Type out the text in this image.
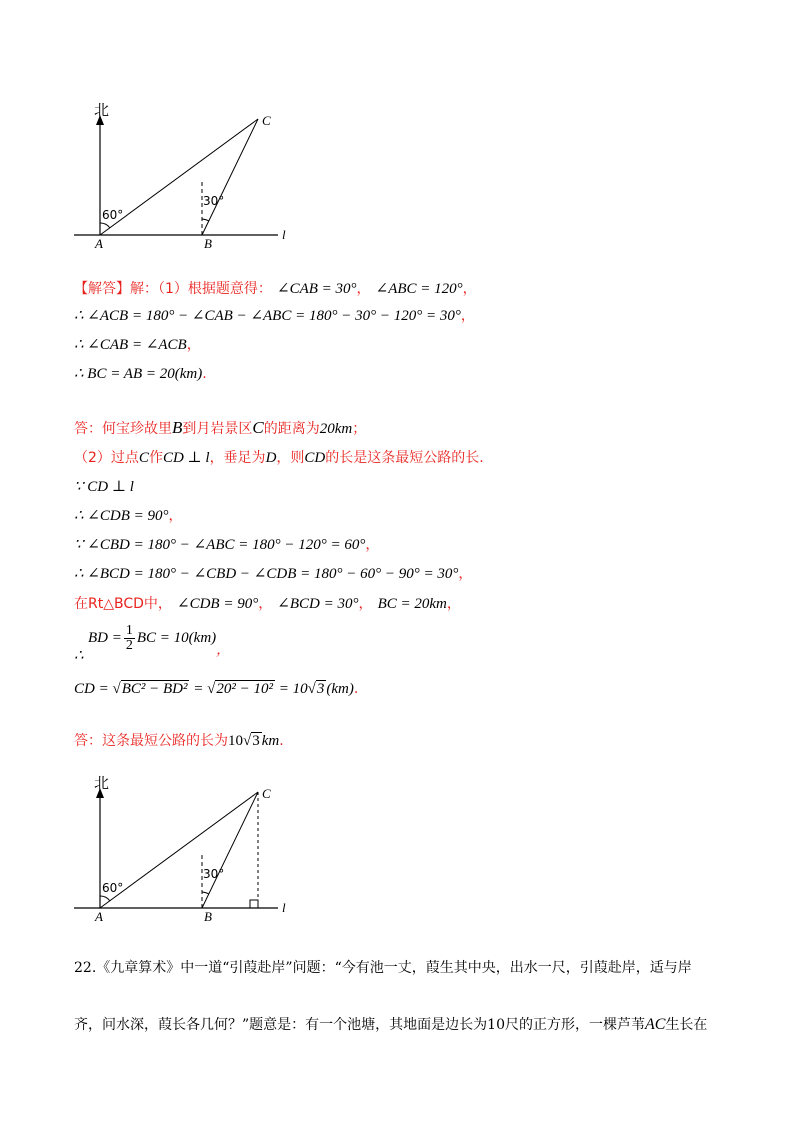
北
60°
30°
A	B
C
l
【解答】解：（1）根据题意得： ∠CAB = 30°， ∠ABC = 120°，
∴ ∠ACB = 180° − ∠CAB − ∠ABC = 180° − 30° − 120° = 30°，
∴ ∠CAB = ∠ACB，
∴ BC = AB = 20(km).
答：何宝珍故里B到月岩景区C的距离为20km；
（2）过点C作CD ⊥ l，垂足为D，则CD的长是这条最短公路的长.
∵ CD ⊥ l
∴ ∠CDB = 90°，
∵ ∠CBD = 180° − ∠ABC = 180° − 120° = 60°，
∴ ∠BCD = 180° − ∠CBD − ∠CDB = 180° − 60° − 90° = 30°，
在Rt△BCD中， ∠CDB = 90°， ∠BCD = 30°， BC = 20km，
∴
BD = $\frac{1}{2}$ BC = 10(km)，
CD = √BC² − BD² = √20² − 10² = 10√3 (km).
答：这条最短公路的长为10√3 km.
北
60°
30°
A	B
C
l
22.《九章算术》中一道“引葭赴岸”问题：“今有池一丈，葭生其中央，出水一尺，引葭赴岸，适与岸
齐，问水深，葭长各几何？”题意是：有一个池塘，其地面是边长为10尺的正方形，一棵芦苇AC生长在
